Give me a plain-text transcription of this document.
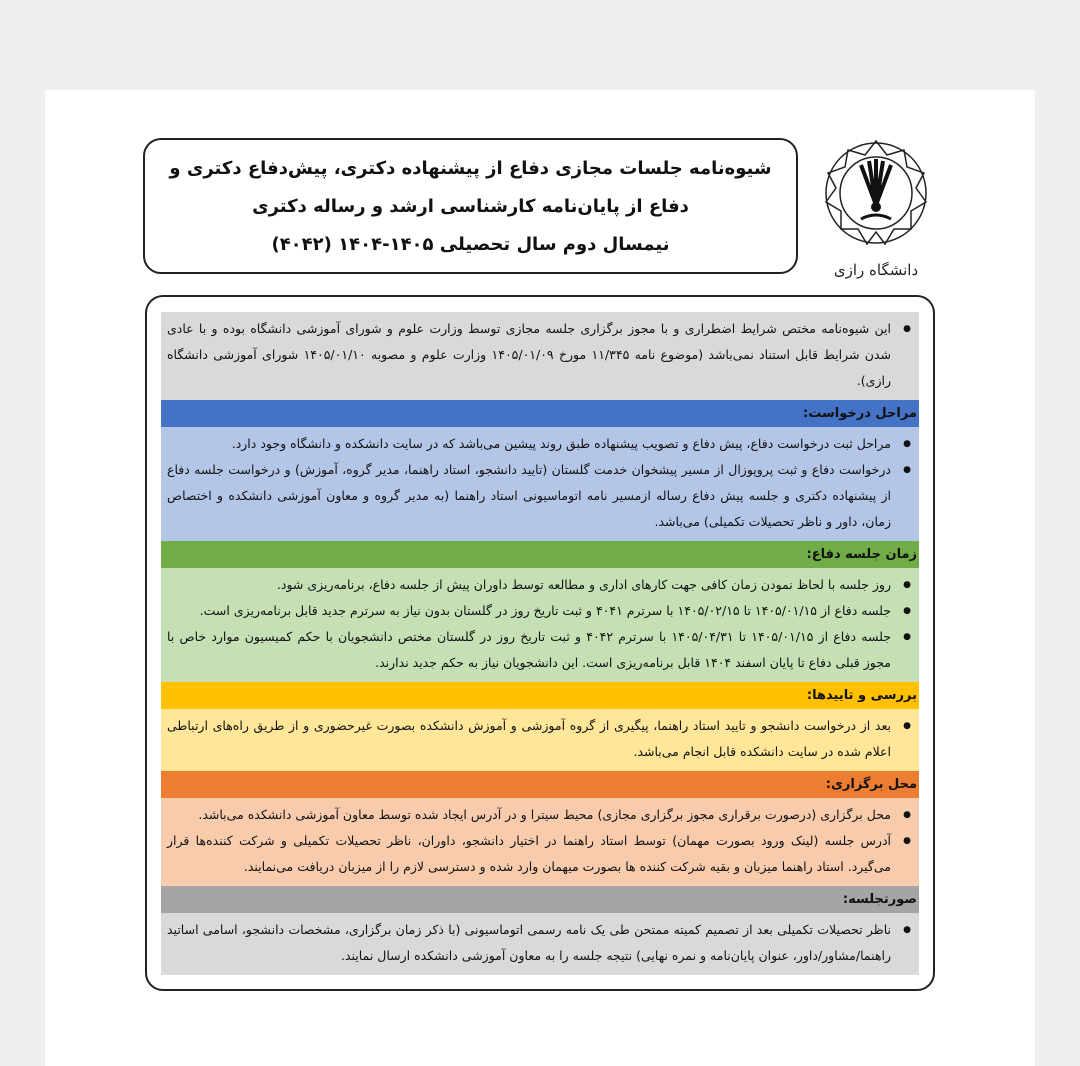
شیوه‌نامه جلسات مجازی دفاع از پیشنهاده دکتری، پیش‌دفاع دکتری و
دفاع از پایان‌نامه کارشناسی ارشد و رساله دکتری
نیمسال دوم سال تحصیلی ۱۴۰۵-۱۴۰۴ (۴۰۴۲)
دانشگاه رازی
● این شیوه‌نامه مختص شرایط اضطراری و با مجوز برگزاری جلسه مجازی توسط وزارت علوم و شورای آموزشی دانشگاه بوده و با عادی شدن شرایط قابل استناد نمی‌باشد (موضوع نامه ۱۱/۳۴۵ مورخ ۱۴۰۵/۰۱/۰۹ وزارت علوم و مصوبه ۱۴۰۵/۰۱/۱۰ شورای آموزشی دانشگاه رازی).
مراحل درخواست:
● مراحل ثبت درخواست دفاع، پیش دفاع و تصویب پیشنهاده طبق روند پیشین می‌باشد که در سایت دانشکده و دانشگاه وجود دارد.
● درخواست دفاع و ثبت پروپوزال از مسیر پیشخوان خدمت گلستان (تایید دانشجو، استاد راهنما، مدیر گروه، آموزش) و درخواست جلسه دفاع از پیشنهاده دکتری و جلسه پیش دفاع رساله ازمسیر نامه اتوماسیونی استاد راهنما (به مدیر گروه و معاون آموزشی دانشکده و اختصاص زمان، داور و ناظر تحصیلات تکمیلی) می‌باشد.
زمان جلسه دفاع:
● روز جلسه با لحاظ نمودن زمان کافی جهت کارهای اداری و مطالعه توسط داوران پیش از جلسه دفاع، برنامه‌ریزی شود.
● جلسه دفاع از ۱۴۰۵/۰۱/۱۵ تا ۱۴۰۵/۰۲/۱۵ با سرترم ۴۰۴۱ و ثبت تاریخ روز در گلستان بدون نیاز به سرترم جدید قابل برنامه‌ریزی است.
● جلسه دفاع از ۱۴۰۵/۰۱/۱۵ تا ۱۴۰۵/۰۴/۳۱ با سرترم ۴۰۴۲ و ثبت تاریخ روز در گلستان مختص دانشجویان با حکم کمیسیون موارد خاص با مجوز قبلی دفاع تا پایان اسفند ۱۴۰۴ قابل برنامه‌ریزی است. این دانشجویان نیاز به حکم جدید ندارند.
بررسی و تاییدها:
● بعد از درخواست دانشجو و تایید استاد راهنما، پیگیری از گروه آموزشی و آموزش دانشکده بصورت غیرحضوری و از طریق راه‌های ارتباطی اعلام شده در سایت دانشکده قابل انجام می‌باشد.
محل برگزاری:
● محل برگزاری (درصورت برقراری مجوز برگزاری مجازی) محیط سیترا و در آدرس ایجاد شده توسط معاون آموزشی دانشکده می‌باشد.
● آدرس جلسه (لینک ورود بصورت مهمان) توسط استاد راهنما در اختیار دانشجو، داوران، ناظر تحصیلات تکمیلی و شرکت کننده‌ها قرار می‌گیرد. استاد راهنما میزبان و بقیه شرکت کننده ها بصورت میهمان وارد شده و دسترسی لازم را از میزبان دریافت می‌نمایند.
صورتجلسه:
● ناظر تحصیلات تکمیلی بعد از تصمیم کمیته ممتحن طی یک نامه رسمی اتوماسیونی (با ذکر زمان برگزاری، مشخصات دانشجو، اسامی اساتید راهنما/مشاور/داور، عنوان پایان‌نامه و نمره نهایی) نتیجه جلسه را به معاون آموزشی دانشکده ارسال نمایند.
